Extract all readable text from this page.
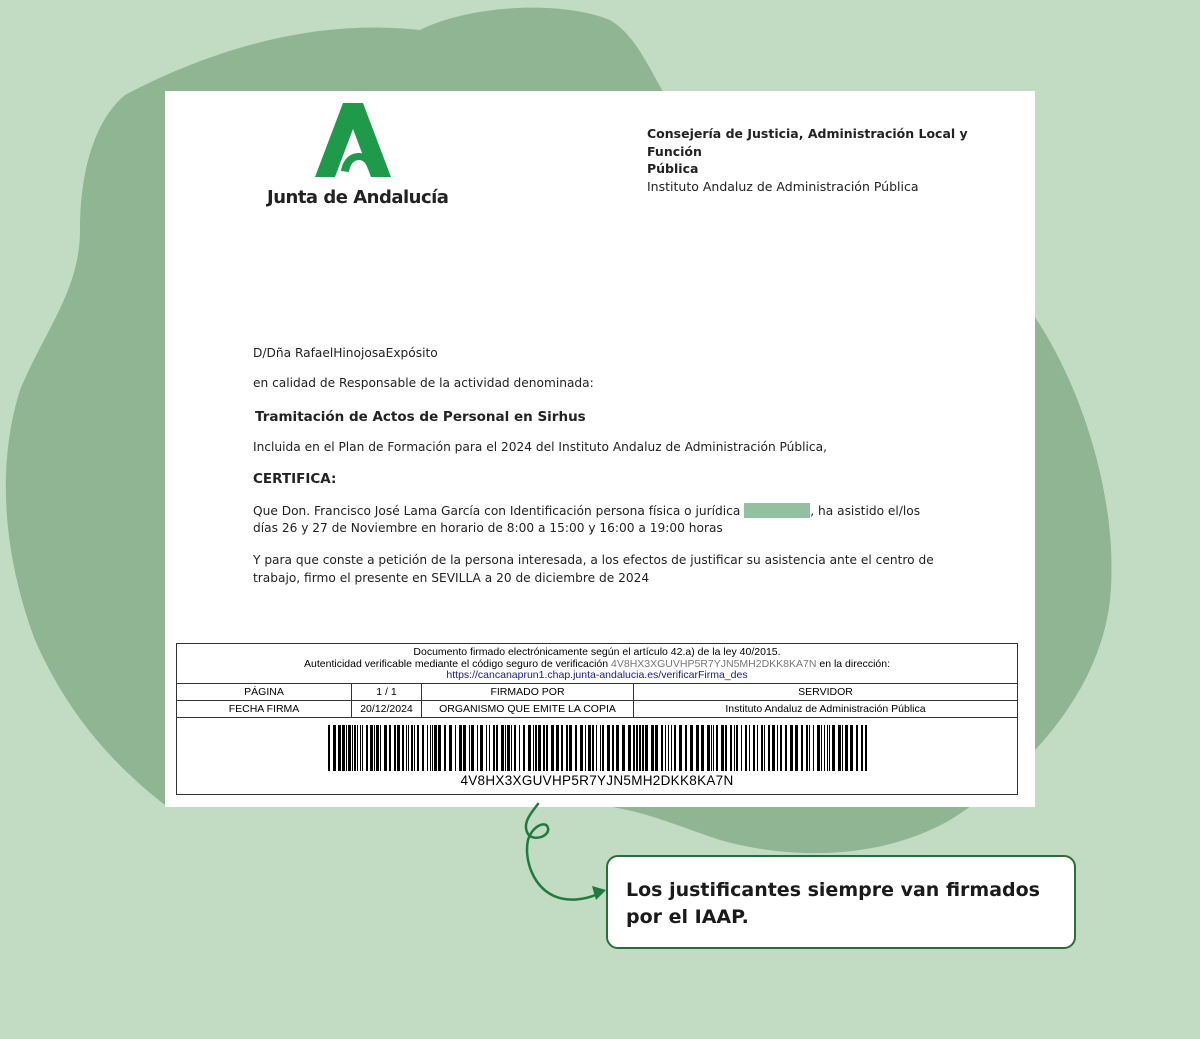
Junta de Andalucía
Consejería de Justicia, Administración Local y Función
Pública
Instituto Andaluz de Administración Pública
D/Dña RafaelHinojosaExpósito
en calidad de Responsable de la actividad denominada:
Tramitación de Actos de Personal en Sirhus
Incluida en el Plan de Formación para el 2024 del Instituto Andaluz de Administración Pública,
CERTIFICA:
Que Don. Francisco José Lama García con Identificación persona física o jurídica	, ha asistido el/los
días 26 y 27 de Noviembre en horario de 8:00 a 15:00 y 16:00 a 19:00 horas
Y para que conste a petición de la persona interesada, a los efectos de justificar su asistencia ante el centro de
trabajo, firmo el presente en SEVILLA a 20 de diciembre de 2024
Documento firmado electrónicamente según el artículo 42.a) de la ley 40/2015.
Autenticidad verificable mediante el código seguro de verificación 4V8HX3XGUVHP5R7YJN5MH2DKK8KA7N en la dirección:
https://cancanaprun1.chap.junta-andalucia.es/verificarFirma_des
PÁGINA	1 / 1	FIRMADO POR	SERVIDOR
FECHA FIRMA	20/12/2024	ORGANISMO QUE EMITE LA COPIA	Instituto Andaluz de Administración Pública
4V8HX3XGUVHP5R7YJN5MH2DKK8KA7N
Los justificantes siempre van firmados
por el IAAP.
